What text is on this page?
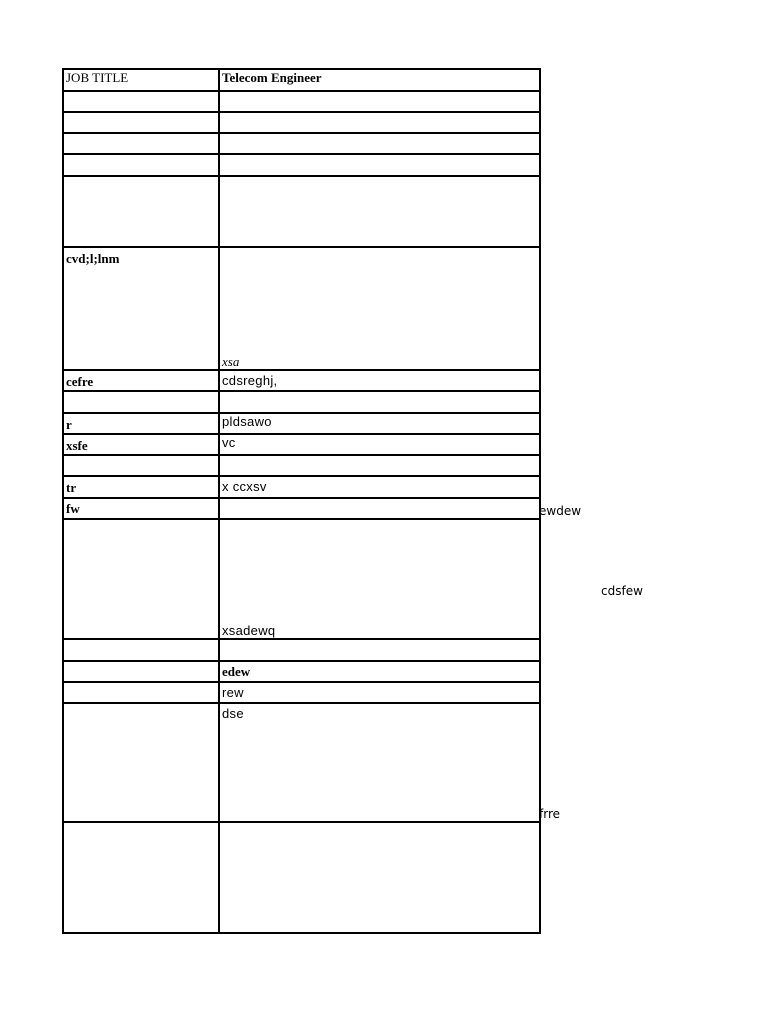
JOB TITLE	Telecom Engineer

cvd;l;lnm	xsa
cefre	cdsreghj,

r	pldsawo
xsfe	vc

tr	x ccxsv
fw	
	xsadewq

	edew
	rew
	dse

ewdew
cdsfew
frre
